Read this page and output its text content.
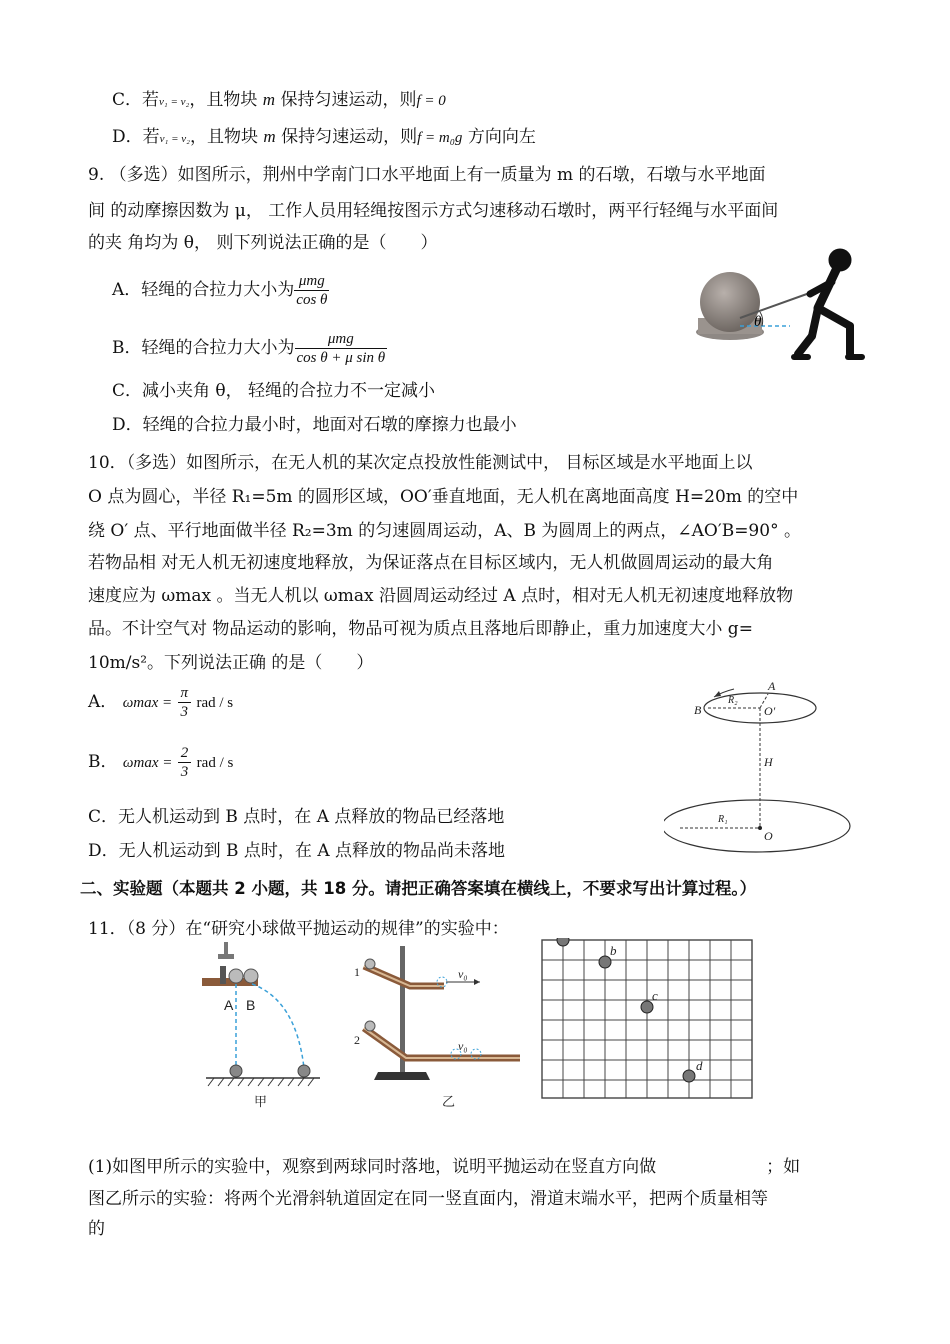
C．若v₁ = v₂，且物块 m 保持匀速运动，则f = 0
D．若v₁ = v₂，且物块 m 保持匀速运动，则f = m₀g 方向向左
9. （多选）如图所示，荆州中学南门口水平地面上有一质量为 m 的石墩，石墩与水平地面
间 的动摩擦因数为 μ， 工作人员用轻绳按图示方式匀速移动石墩时，两平行轻绳与水平面间
的夹 角均为 θ， 则下列说法正确的是（　　）
A．轻绳的合拉力大小为 $\frac{\text{μmg}}{\text{cos θ}}$
B．轻绳的合拉力大小为 $\frac{\text{μmg}}{\text{cos θ + μ sin θ}}$
C．减小夹角 θ， 轻绳的合拉力不一定减小
D．轻绳的合拉力最小时，地面对石墩的摩擦力也最小
θ
10．（多选）如图所示，在无人机的某次定点投放性能测试中， 目标区域是水平地面上以
O 点为圆心，半径 R₁=5m 的圆形区域，OO′垂直地面，无人机在离地面高度 H=20m 的空中
绕 O′ 点、平行地面做半径 R₂=3m 的匀速圆周运动，A、B 为圆周上的两点，∠AO′B=90° 。
若物品相 对无人机无初速度地释放，为保证落点在目标区域内，无人机做圆周运动的最大角
速度应为 ωmax 。当无人机以 ωmax 沿圆周运动经过 A 点时，相对无人机无初速度地释放物
品。不计空气对 物品运动的影响，物品可视为质点且落地后即静止，重力加速度大小 g=
10m/s²。下列说法正确 的是（　　）
A． $\omega\max = \frac{\pi}{3}$ rad / s
B． $\omega\max = \frac{2}{3}$ rad / s
C．无人机运动到 B 点时，在 A 点释放的物品已经落地
D．无人机运动到 B 点时，在 A 点释放的物品尚未落地
A
B
R₂
O′
H
R₁
O
二、实验题（本题共 2 小题，共 18 分。请把正确答案填在横线上，不要求写出计算过程。）
11．（8 分）在“研究小球做平抛运动的规律”的实验中：
A B
甲
1
2
v₀
v₀
乙
b
c
d
(1)如图甲所示的实验中，观察到两球同时落地，说明平抛运动在竖直方向做	；如
图乙所示的实验：将两个光滑斜轨道固定在同一竖直面内，滑道末端水平，把两个质量相等
的
